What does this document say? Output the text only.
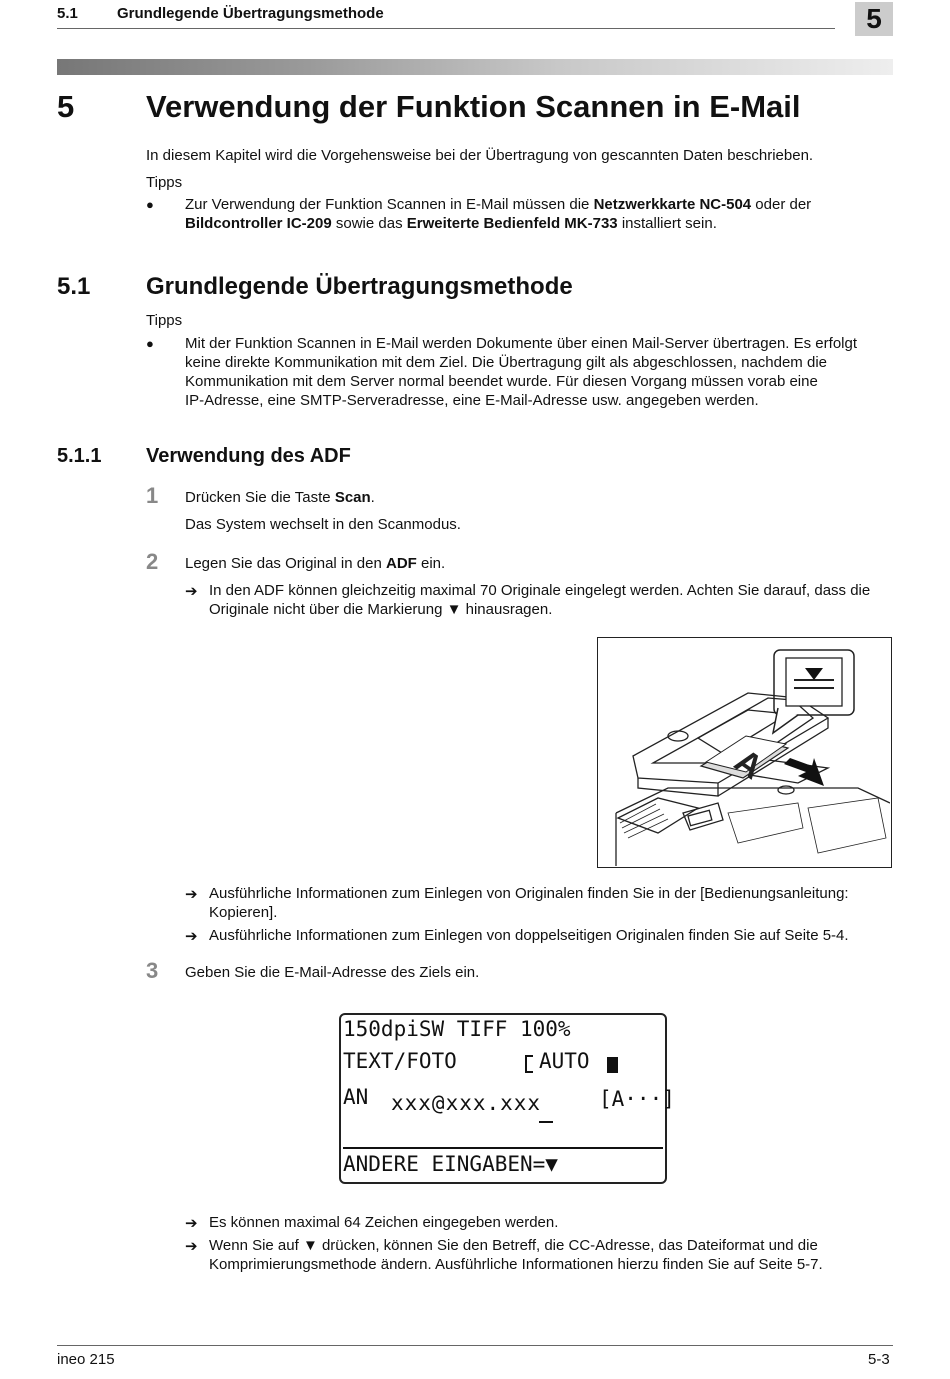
5.1	Grundlegende Übertragungsmethode	5
5 Verwendung der Funktion Scannen in E-Mail
In diesem Kapitel wird die Vorgehensweise bei der Übertragung von gescannten Daten beschrieben.
Tipps
● Zur Verwendung der Funktion Scannen in E-Mail müssen die Netzwerkkarte NC-504 oder der
Bildcontroller IC-209 sowie das Erweiterte Bedienfeld MK-733 installiert sein.
5.1 Grundlegende Übertragungsmethode
Tipps
● Mit der Funktion Scannen in E-Mail werden Dokumente über einen Mail-Server übertragen. Es erfolgt
keine direkte Kommunikation mit dem Ziel. Die Übertragung gilt als abgeschlossen, nachdem die
Kommunikation mit dem Server normal beendet wurde. Für diesen Vorgang müssen vorab eine
IP-Adresse, eine SMTP-Serveradresse, eine E-Mail-Adresse usw. angegeben werden.
5.1.1 Verwendung des ADF
1 Drücken Sie die Taste Scan.
Das System wechselt in den Scanmodus.
2 Legen Sie das Original in den ADF ein.
➔ In den ADF können gleichzeitig maximal 70 Originale eingelegt werden. Achten Sie darauf, dass die
Originale nicht über die Markierung ▼ hinausragen.
A
➔ Ausführliche Informationen zum Einlegen von Originalen finden Sie in der [Bedienungsanleitung:
Kopieren].
➔ Ausführliche Informationen zum Einlegen von doppelseitigen Originalen finden Sie auf Seite 5-4.
3 Geben Sie die E-Mail-Adresse des Ziels ein.
150dpiSW TIFF 100%
TEXT/FOTO	AUTO
AN xxx@xxx.xxx	[A···]
ANDERE EINGABEN=▼
➔ Es können maximal 64 Zeichen eingegeben werden.
➔ Wenn Sie auf ▼ drücken, können Sie den Betreff, die CC-Adresse, das Dateiformat und die
Komprimierungsmethode ändern. Ausführliche Informationen hierzu finden Sie auf Seite 5-7.
ineo 215	5-3
